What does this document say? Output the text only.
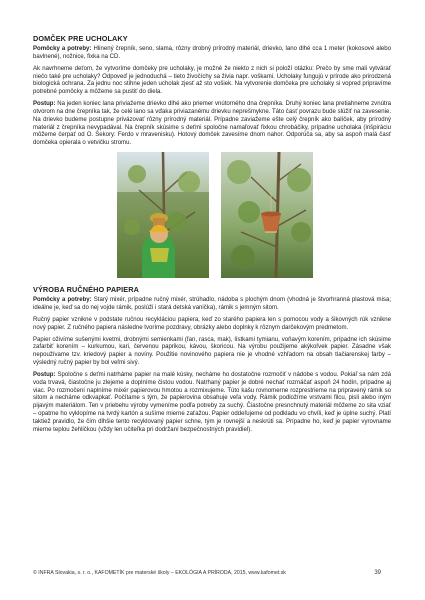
DOMČEK PRE UCHOLAKY

Pomôcky a potreby: Hlinený črepník, seno, slama, rôzny drobný prírodný materiál, drievko, lano dlhé cca 1 meter (kokosové alebo bavlnené), nožnice, fixka na CD.

Ak navrhneme deťom, že vytvoríme domčeky pre ucholaky, je možné že niekto z nich si položí otázku: Prečo by sme mali vytvárať niečo také pre ucholaky? Odpoveď je jednoduchá – tieto živočíchy sa živia napr. voškami. Ucholaky fungujú v prírode ako prirodzená biologická ochrana. Za jednu noc stihne jeden ucholak zjesť až sto vošiek. Na vytvorenie domčeka pre ucholaky si vopred pripravíme potrebné pomôcky a môžeme sa pustiť do diela.

Postup: Na jeden koniec lana priviažeme drievko dlhé ako priemer vnútorného dna črepníka. Druhý koniec lana pretiahneme zvnútra otvorom na dne črepníka tak, že celé lano sa vďaka priviazanému drievku neprešmykne. Táto časť povrazu bude slúžiť na zavesenie. Na drievko budeme postupne privázovať rôzny prírodný materiál. Prípadne zaviažeme ešte celý črepník ako balíček, aby prírodný materiál z črepníka nevypadával. Na črepník skúsime s deťmi spoločne namaľovať fixkou chrobáčiky, prípadne ucholaka (inšpiráciu môžeme čerpať od O. Sekory: Ferdo v mravenisku). Hotový domček zavesíme dnom nahor. Odporúča sa, aby sa aspoň malá časť domčeka opierala o vetvičku stromu.

VÝROBA RUČNÉHO PAPIERA

Pomôcky a potreby: Starý mixér, prípadne ručný mixér, strúhadlo, nádoba s plochým dnom (vhodná je štvorhranná plastová misa; ideálne je, keď sa do nej vojde rámik, poslúži i stará detská vanička), rámik s jemným sitom.

Ručný papier vznikne v podstate ručnou recykláciou papiera, keď zo starého papiera len s pomocou vody a šikovných rúk vznikne nový papier. Z ručného papiera následne tvoríme pozdravy, obrázky alebo doplnky k rôznym darčekovým predmetom.

Papier oživíme sušenými kvetmi, drobnými semienkami (ľan, rasca, mak), lístkami tymianu, voňavým korením, prípadne ich skúsime zafarbiť korením – kurkumou, kari, červenou paprikou, kávou, škoricou. Na výrobu použijeme akýkoľvek papier. Zásadne však nepoužívame tzv. kriedový papier a novíny. Použitie novinového papiera nie je vhodné vzhľadom na obsah tlačiarenskej farby – výsledný ručný papier by bol veľmi sivý.

Postup: Spoločne s deťmi natrháme papier na malé kúsky, necháme ho dostatočne rozmočiť v nádobe s vodou. Pokiaľ sa nám zdá voda trvavá, čiastočne ju zlejeme a doplníme čistou vodou. Natrhaný papier je dobré nechať rozmáčať aspoň 24 hodín, prípadne aj viac. Po rozmočení naplníme mixér papierovou hmotou a rozmixujeme. Túto kašu rovnomerne rozprestrieme na pripravený rámik so sitom a necháme odkvapkať. Počítame s tým, že papierovina obsahuje veľa vody. Rámik podložíme vrstvami filcu, pisli alebo iným pijavým materiálom. Ten v priebehu výroby vymeníme podľa potreby za suchý. Čiastočne presnchnutý materiál môžeme zo sita vziať – opatrne ho vyklopíme na tvrdý kartón a sušíme mierne zaťažou. Papier oddeľujeme od podkladu vo chvíli, keď je úplne suchý. Platí taktiež pravidlo, že čím dlhšie tento recyklovaný papier schne, tým je rovnejší a neskrúti sa. Prípadne ho, keď je papier vyrovname mierne teplou žehličkou (vždy len učiteľka pri dodržaní bezpečnostných pravidiel).

© INFRA Slovakia, s. r. o., KAFOMETÍK pre materské školy – EKOLÓGIA A PRÍRODA, 2015, www.kafomet.sk	39
